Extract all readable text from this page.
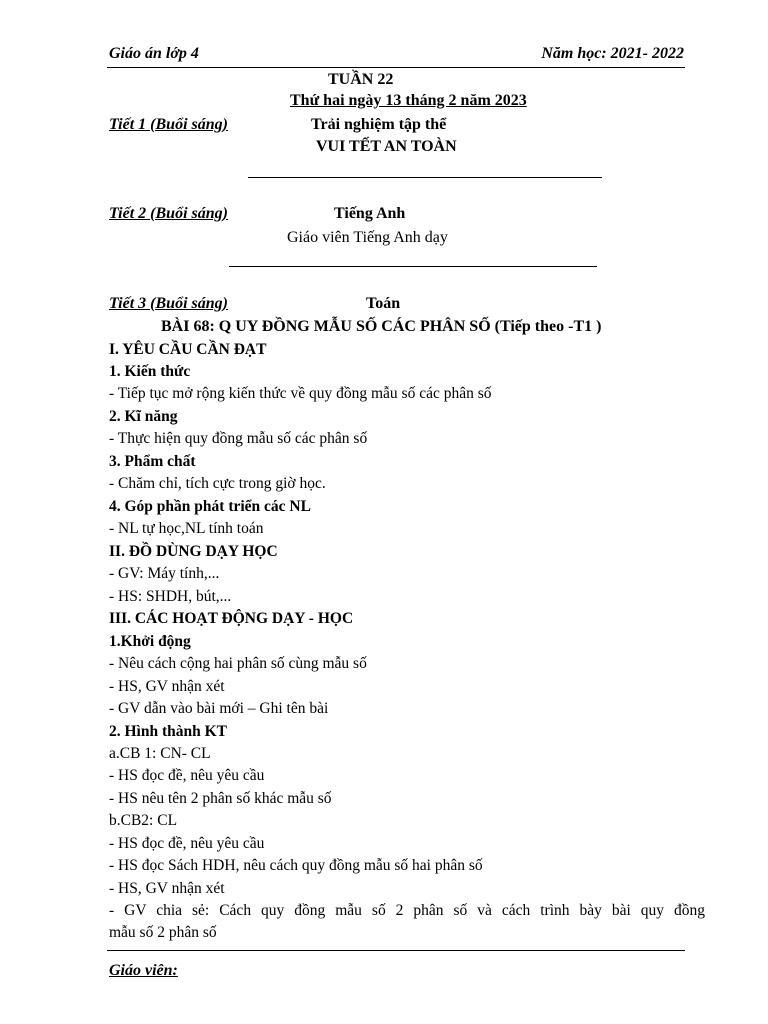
Giáo án lớp 4	Năm học: 2021- 2022
TUẦN 22
Thứ hai ngày 13 tháng 2 năm 2023
Tiết 1 (Buổi sáng)	Trải nghiệm tập thể
VUI TẾT AN TOÀN
Tiết 2 (Buổi sáng)	Tiếng Anh
Giáo viên Tiếng Anh dạy
Tiết 3 (Buổi sáng)	Toán
BÀI 68: Q UY ĐỒNG MẪU SỐ CÁC PHÂN SỐ (Tiếp theo -T1 )
I. YÊU CẦU CẦN ĐẠT
1. Kiến thức
- Tiếp tục mở rộng kiến thức về quy đồng mẫu số các phân số
2. Kĩ năng
- Thực hiện quy đồng mẫu số các phân số
3. Phẩm chất
- Chăm chỉ, tích cực trong giờ học.
4. Góp phần phát triển các NL
- NL tự học,NL tính toán
II. ĐỒ DÙNG DẠY HỌC
- GV: Máy tính,...
- HS: SHDH, bút,...
III. CÁC HOẠT ĐỘNG DẠY - HỌC
1.Khởi động
- Nêu cách cộng hai phân số cùng mẫu số
- HS, GV nhận xét
- GV dẫn vào bài mới – Ghi tên bài
2. Hình thành KT
a.CB 1: CN- CL
- HS đọc đề, nêu yêu cầu
- HS nêu tên 2 phân số khác mẫu số
b.CB2: CL
- HS đọc đề, nêu yêu cầu
- HS đọc Sách HDH, nêu cách quy đồng mẫu số hai phân số
- HS, GV nhận xét
- GV chia sẻ: Cách quy đồng mẫu số 2 phân số và cách trình bày bài quy đồng
mẫu số 2 phân số
Giáo viên:
